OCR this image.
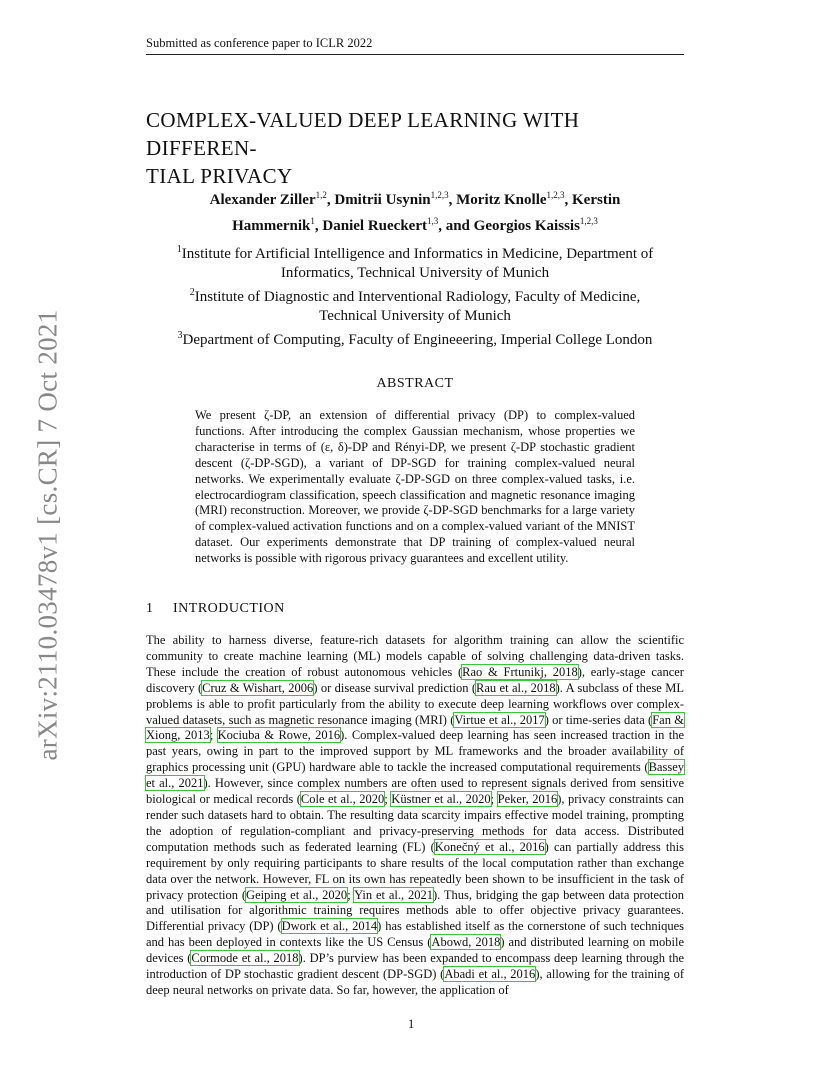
Submitted as conference paper to ICLR 2022
arXiv:2110.03478v1 [cs.CR] 7 Oct 2021
COMPLEX-VALUED DEEP LEARNING WITH DIFFEREN-
TIAL PRIVACY
Alexander Ziller$^{1,2}$, Dmitrii Usynin$^{1,2,3}$, Moritz Knolle$^{1,2,3}$, Kerstin
Hammernik$^1$, Daniel Rueckert$^{1,3}$, and Georgios Kaissis$^{1,2,3}$
$^1$Institute for Artificial Intelligence and Informatics in Medicine, Department of
Informatics, Technical University of Munich
$^2$Institute of Diagnostic and Interventional Radiology, Faculty of Medicine,
Technical University of Munich
$^3$Department of Computing, Faculty of Engineeering, Imperial College London
ABSTRACT
We present ζ-DP, an extension of differential privacy (DP) to complex-valued functions. After introducing the complex Gaussian mechanism, whose properties we characterise in terms of (ε, δ)-DP and Rényi-DP, we present ζ-DP stochastic gradient descent (ζ-DP-SGD), a variant of DP-SGD for training complex-valued neural networks. We experimentally evaluate ζ-DP-SGD on three complex-valued tasks, i.e. electrocardiogram classification, speech classification and magnetic resonance imaging (MRI) reconstruction. Moreover, we provide ζ-DP-SGD benchmarks for a large variety of complex-valued activation functions and on a complex-valued variant of the MNIST dataset. Our experiments demonstrate that DP training of complex-valued neural networks is possible with rigorous privacy guarantees and excellent utility.
1 INTRODUCTION
The ability to harness diverse, feature-rich datasets for algorithm training can allow the scientific community to create machine learning (ML) models capable of solving challenging data-driven tasks. These include the creation of robust autonomous vehicles (Rao & Frtunikj, 2018), early-stage cancer discovery (Cruz & Wishart, 2006) or disease survival prediction (Rau et al., 2018). A subclass of these ML problems is able to profit particularly from the ability to execute deep learning workflows over complex-valued datasets, such as magnetic resonance imaging (MRI) (Virtue et al., 2017) or time-series data (Fan & Xiong, 2013; Kociuba & Rowe, 2016). Complex-valued deep learning has seen increased traction in the past years, owing in part to the improved support by ML frameworks and the broader availability of graphics processing unit (GPU) hardware able to tackle the increased computational requirements (Bassey et al., 2021). However, since complex numbers are often used to represent signals derived from sensitive biological or medical records (Cole et al., 2020; Küstner et al., 2020; Peker, 2016), privacy constraints can render such datasets hard to obtain. The resulting data scarcity impairs effective model training, prompting the adoption of regulation-compliant and privacy-preserving methods for data access. Distributed computation methods such as federated learning (FL) (Konečný et al., 2016) can partially address this requirement by only requiring participants to share results of the local computation rather than exchange data over the network. However, FL on its own has repeatedly been shown to be insufficient in the task of privacy protection (Geiping et al., 2020; Yin et al., 2021). Thus, bridging the gap between data protection and utilisation for algorithmic training requires methods able to offer objective privacy guarantees. Differential privacy (DP) (Dwork et al., 2014) has established itself as the cornerstone of such techniques and has been deployed in contexts like the US Census (Abowd, 2018) and distributed learning on mobile devices (Cormode et al., 2018). DP’s purview has been expanded to encompass deep learning through the introduction of DP stochastic gradient descent (DP-SGD) (Abadi et al., 2016), allowing for the training of deep neural networks on private data. So far, however, the application of
1
